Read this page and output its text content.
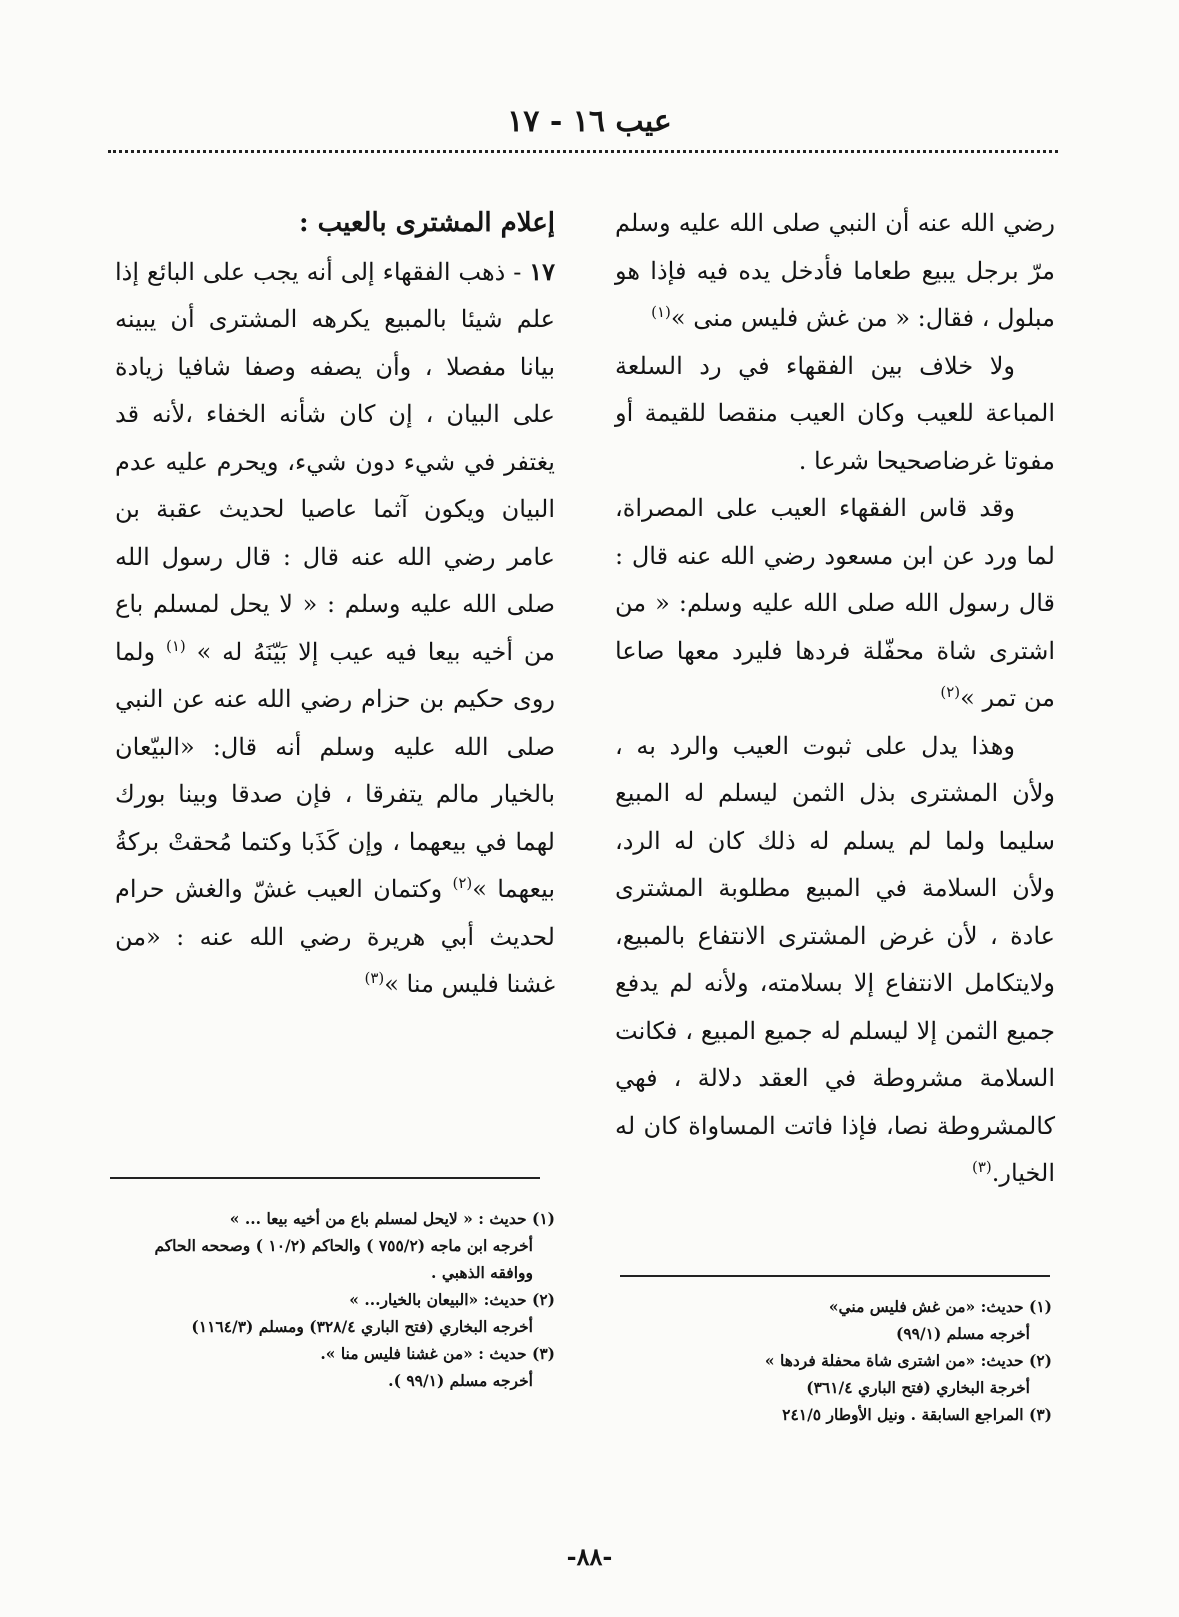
عيب ١٦ - ١٧

رضي الله عنه أن النبي صلى الله عليه وسلم مرّ برجل يبيع طعاما فأدخل يده فيه فإذا هو مبلول ، فقال: « من غش فليس منى »$^{(١)}$

ولا خلاف بين الفقهاء في رد السلعة المباعة للعيب وكان العيب منقصا للقيمة أو مفوتا غرضاصحيحا شرعا .

وقد قاس الفقهاء العيب على المصراة، لما ورد عن ابن مسعود رضي الله عنه قال : قال رسول الله صلى الله عليه وسلم: « من اشترى شاة محفّلة فردها فليرد معها صاعا من تمر »$^{(٢)}$

وهذا يدل على ثبوت العيب والرد به ، ولأن المشترى بذل الثمن ليسلم له المبيع سليما ولما لم يسلم له ذلك كان له الرد، ولأن السلامة في المبيع مطلوبة المشترى عادة ، لأن غرض المشترى الانتفاع بالمبيع، ولايتكامل الانتفاع إلا بسلامته، ولأنه لم يدفع جميع الثمن إلا ليسلم له جميع المبيع ، فكانت السلامة مشروطة في العقد دلالة ، فهي كالمشروطة نصا، فإذا فاتت المساواة كان له الخيار.$^{(٣)}$

إعلام المشترى بالعيب :

١٧ - ذهب الفقهاء إلى أنه يجب على البائع إذا علم شيئا بالمبيع يكرهه المشترى أن يبينه بيانا مفصلا ، وأن يصفه وصفا شافيا زيادة على البيان ، إن كان شأنه الخفاء ،لأنه قد يغتفر في شيء دون شيء، ويحرم عليه عدم البيان ويكون آثما عاصيا لحديث عقبة بن عامر رضي الله عنه قال : قال رسول الله صلى الله عليه وسلم : « لا يحل لمسلم باع من أخيه بيعا فيه عيب إلا بَيّنَهُ له » $^{(١)}$ ولما روى حكيم بن حزام رضي الله عنه عن النبي صلى الله عليه وسلم أنه قال: «البيّعان بالخيار مالم يتفرقا ، فإن صدقا وبينا بورك لهما في بيعهما ، وإن كَذَبا وكتما مُحقتْ بركةُ بيعهما »$^{(٢)}$ وكتمان العيب غشّ والغش حرام لحديث أبي هريرة رضي الله عنه : «من غشنا فليس منا »$^{(٣)}$

(١) حديث: «من غش فليس مني»

أخرجه مسلم (٩٩/١)

(٢) حديث: «من اشترى شاة محفلة فردها »

أخرجة البخاري (فتح الباري ٣٦١/٤)

(٣) المراجع السابقة . ونيل الأوطار ٢٤١/٥

(١) حديث : « لايحل لمسلم باع من أخيه بيعا ... »

أخرجه ابن ماجه (٧٥٥/٢ ) والحاكم (١٠/٢ ) وصححه الحاكم ووافقه الذهبي .

(٢) حديث: «البيعان بالخيار... »

أخرجه البخاري (فتح الباري ٣٢٨/٤) ومسلم (١١٦٤/٣)

(٣) حديث : «من غشنا فليس منا ».

أخرجه مسلم (٩٩/١ ).

-٨٨-
